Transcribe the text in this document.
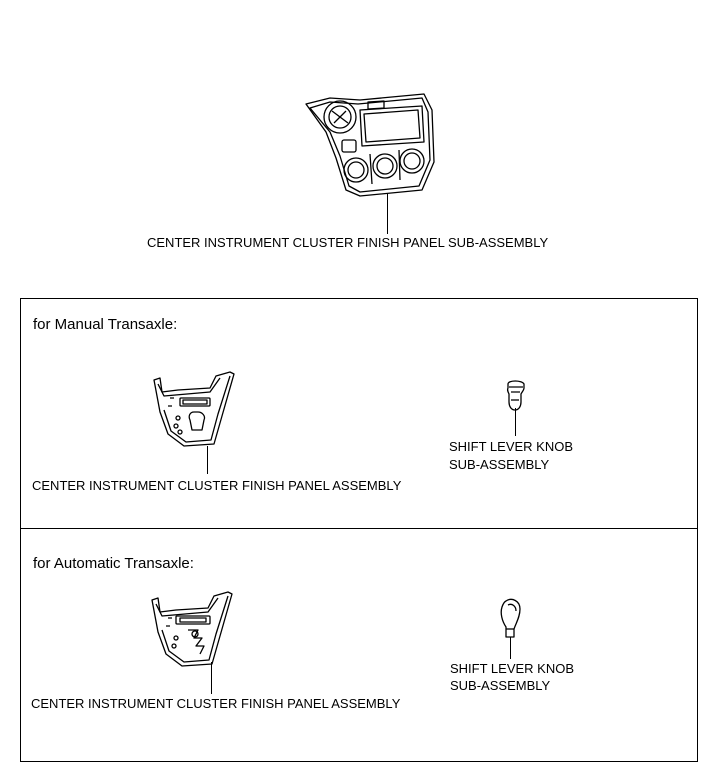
CENTER INSTRUMENT CLUSTER FINISH PANEL SUB-ASSEMBLY
for Manual Transaxle:
CENTER INSTRUMENT CLUSTER FINISH PANEL ASSEMBLY
SHIFT LEVER KNOB
SUB-ASSEMBLY
for Automatic Transaxle:
CENTER INSTRUMENT CLUSTER FINISH PANEL ASSEMBLY
SHIFT LEVER KNOB
SUB-ASSEMBLY
